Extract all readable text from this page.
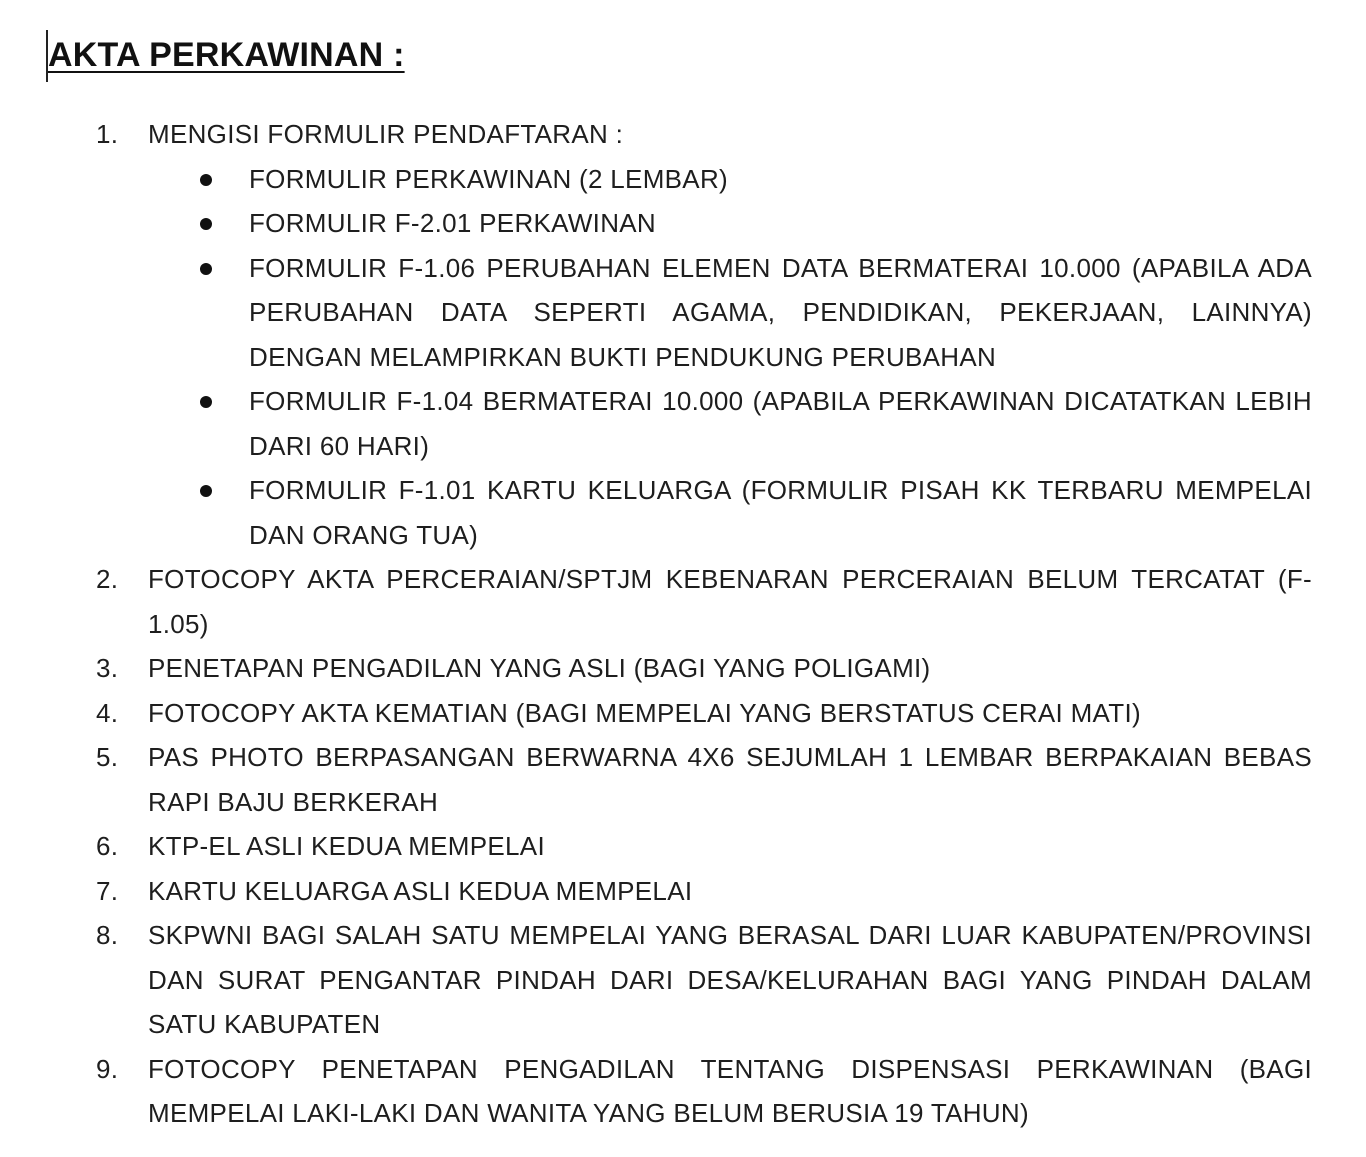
AKTA PERKAWINAN :
1. MENGISI FORMULIR PENDAFTARAN :
FORMULIR PERKAWINAN (2 LEMBAR)
FORMULIR F-2.01 PERKAWINAN
FORMULIR F-1.06 PERUBAHAN ELEMEN DATA BERMATERAI 10.000 (APABILA ADA PERUBAHAN DATA SEPERTI AGAMA, PENDIDIKAN, PEKERJAAN, LAINNYA) DENGAN MELAMPIRKAN BUKTI PENDUKUNG PERUBAHAN
FORMULIR F-1.04 BERMATERAI 10.000 (APABILA PERKAWINAN DICATATKAN LEBIH DARI 60 HARI)
FORMULIR F-1.01 KARTU KELUARGA (FORMULIR PISAH KK TERBARU MEMPELAI DAN ORANG TUA)
2. FOTOCOPY AKTA PERCERAIAN/SPTJM KEBENARAN PERCERAIAN BELUM TERCATAT (F-1.05)
3. PENETAPAN PENGADILAN YANG ASLI (BAGI YANG POLIGAMI)
4. FOTOCOPY AKTA KEMATIAN (BAGI MEMPELAI YANG BERSTATUS CERAI MATI)
5. PAS PHOTO BERPASANGAN BERWARNA 4X6 SEJUMLAH 1 LEMBAR BERPAKAIAN BEBAS RAPI BAJU BERKERAH
6. KTP-EL ASLI KEDUA MEMPELAI
7. KARTU KELUARGA ASLI KEDUA MEMPELAI
8. SKPWNI BAGI SALAH SATU MEMPELAI YANG BERASAL DARI LUAR KABUPATEN/PROVINSI DAN SURAT PENGANTAR PINDAH DARI DESA/KELURAHAN BAGI YANG PINDAH DALAM SATU KABUPATEN
9. FOTOCOPY PENETAPAN PENGADILAN TENTANG DISPENSASI PERKAWINAN (BAGI MEMPELAI LAKI-LAKI DAN WANITA YANG BELUM BERUSIA 19 TAHUN)
